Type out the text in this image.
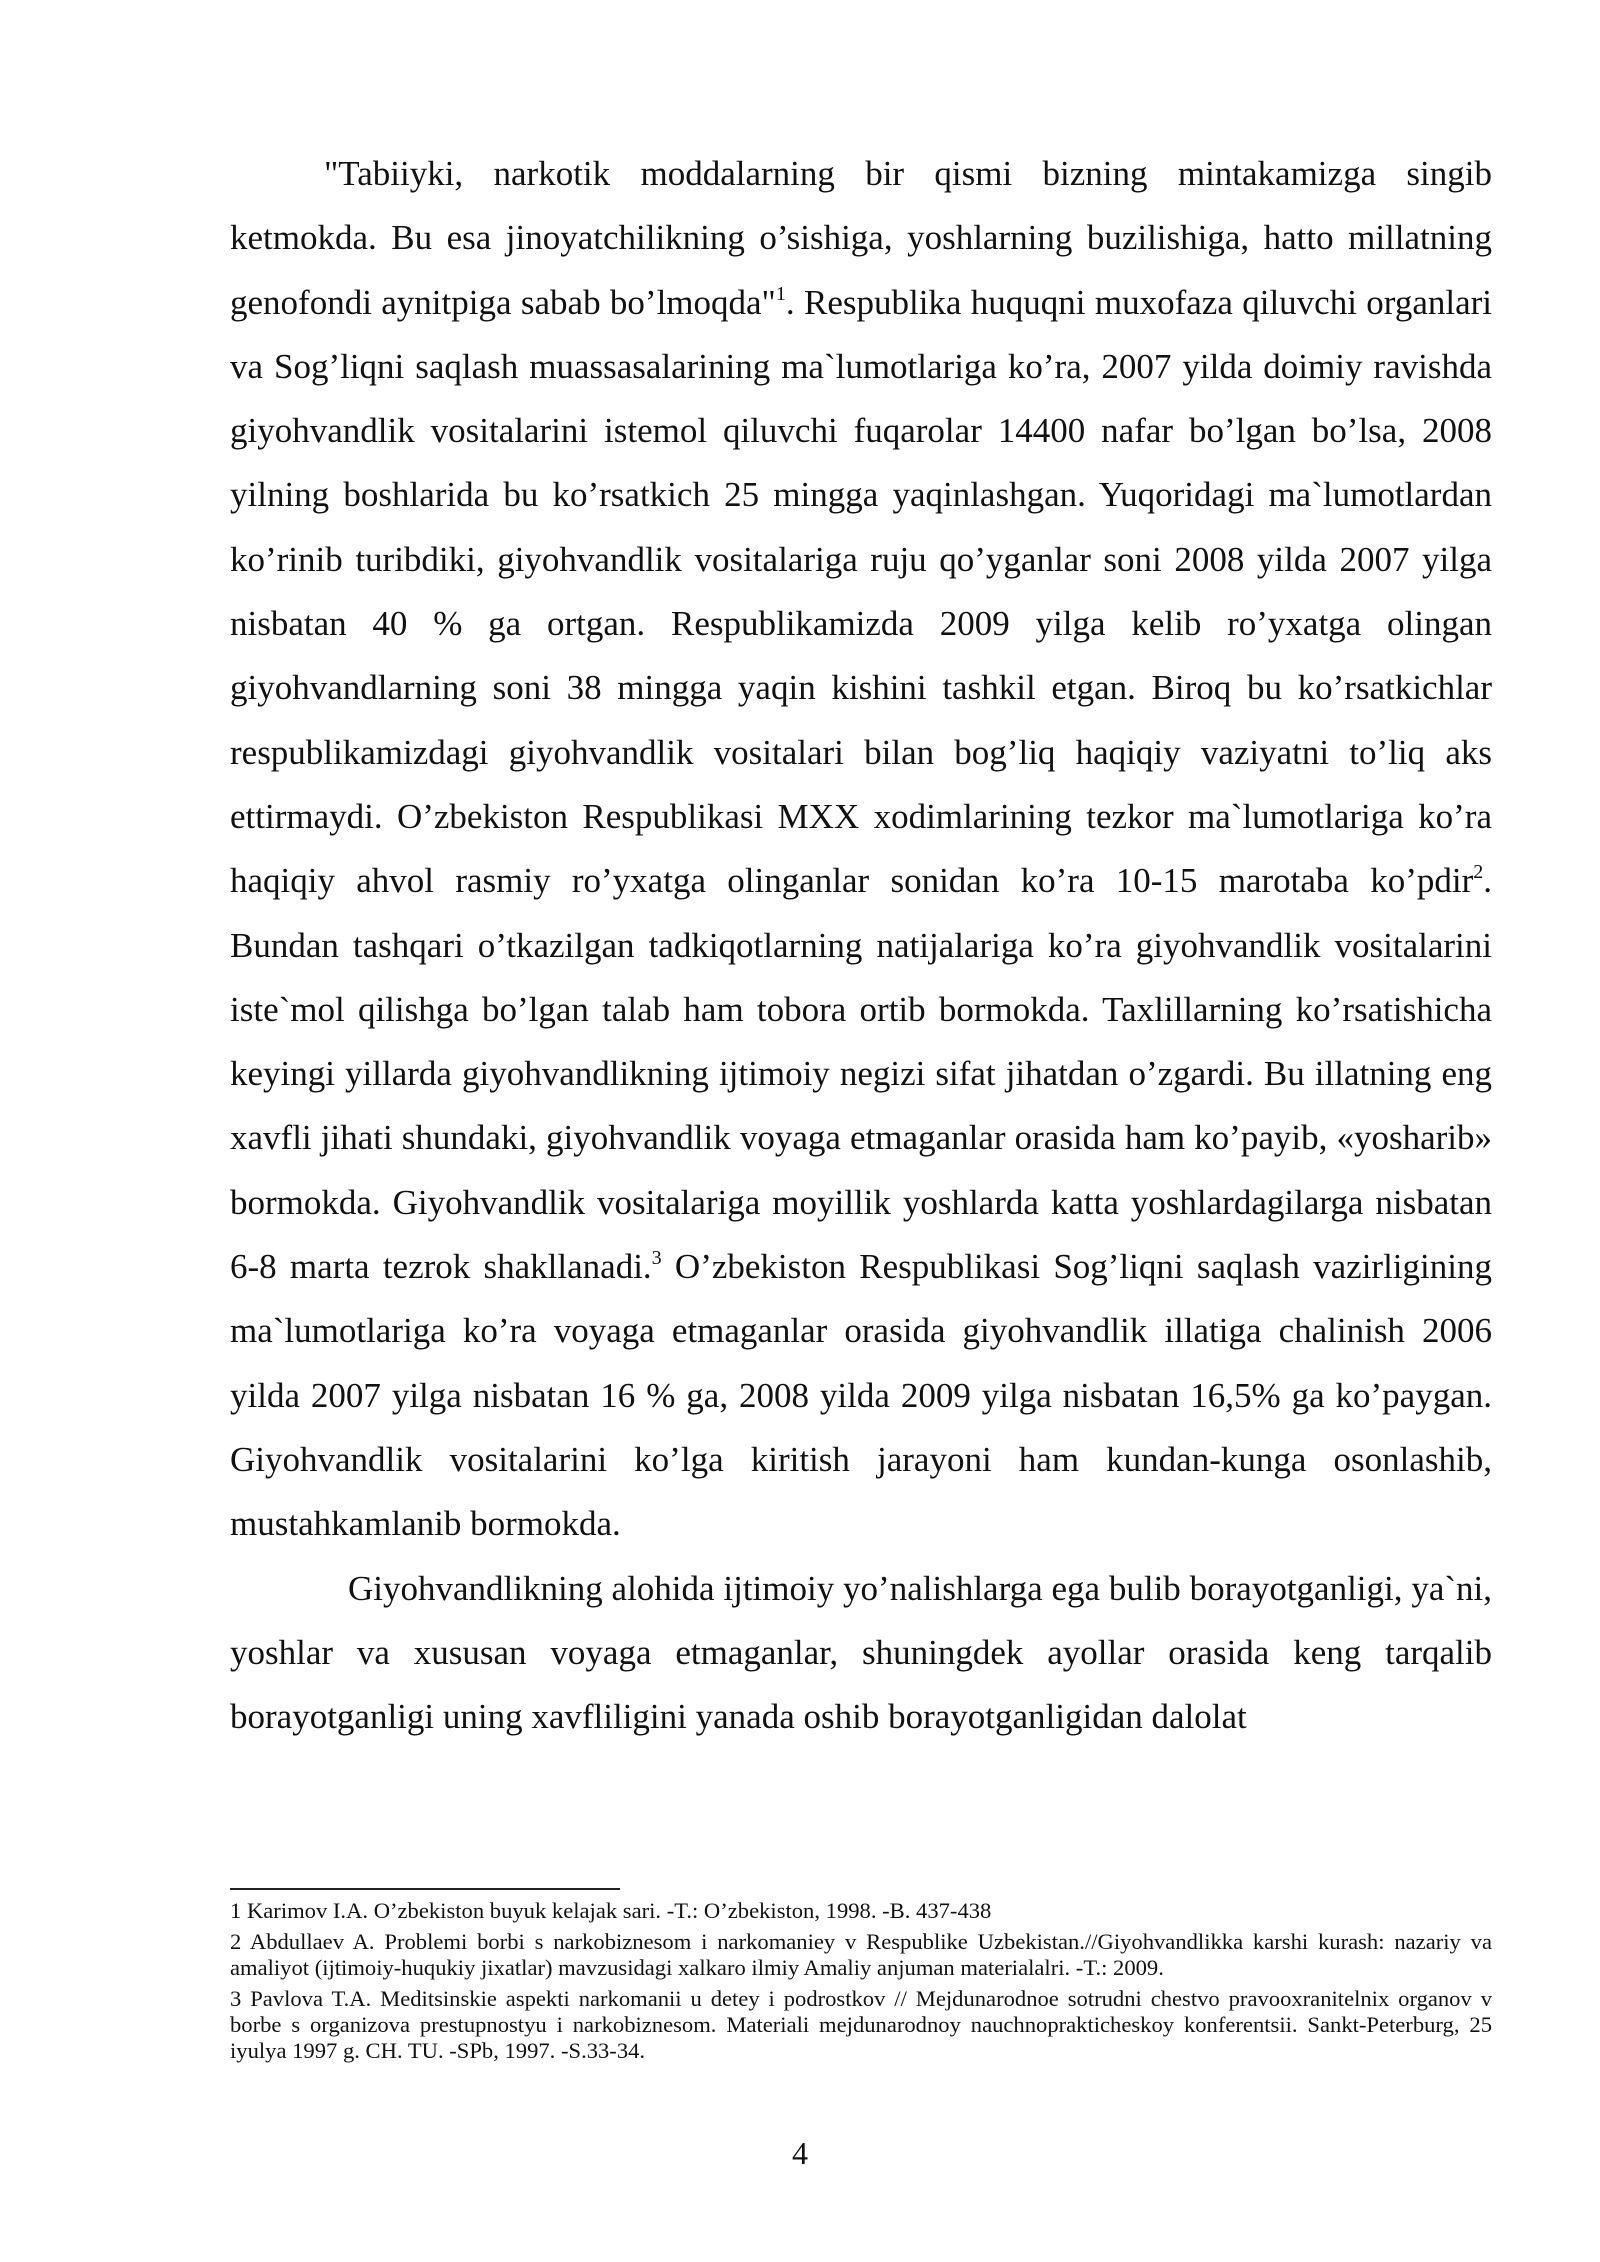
"Tabiiyki, narkotik moddalarning bir qismi bizning mintakamizga singib ketmokda. Bu esa jinoyatchilikning o’sishiga, yoshlarning buzilishiga, hatto millatning genofondi aynitpiga sabab bo’lmoqda"$^1$. Respublika huquqni muxofaza qiluvchi organlari va Sog’liqni saqlash muassasalarining ma`lumotlariga ko’ra, 2007 yilda doimiy ravishda giyohvandlik vositalarini istemol qiluvchi fuqarolar 14400 nafar bo’lgan bo’lsa, 2008 yilning boshlarida bu ko’rsatkich 25 mingga yaqinlashgan. Yuqoridagi ma`lumotlardan ko’rinib turibdiki, giyohvandlik vositalariga ruju qo’yganlar soni 2008 yilda 2007 yilga nisbatan 40 % ga ortgan. Respublikamizda 2009 yilga kelib ro’yxatga olingan giyohvandlarning soni 38 mingga yaqin kishini tashkil etgan. Biroq bu ko’rsatkichlar respublikamizdagi giyohvandlik vositalari bilan bog’liq haqiqiy vaziyatni to’liq aks ettirmaydi. O’zbekiston Respublikasi MXX xodimlarining tezkor ma`lumotlariga ko’ra haqiqiy ahvol rasmiy ro’yxatga olinganlar sonidan ko’ra 10-15 marotaba ko’pdir$^2$. Bundan tashqari o’tkazilgan tadkiqotlarning natijalariga ko’ra giyohvandlik vositalarini iste`mol qilishga bo’lgan talab ham tobora ortib bormokda. Taxlillarning ko’rsatishicha keyingi yillarda giyohvandlikning ijtimoiy negizi sifat jihatdan o’zgardi. Bu illatning eng xavfli jihati shundaki, giyohvandlik voyaga etmaganlar orasida ham ko’payib, «yosharib» bormokda. Giyohvandlik vositalariga moyillik yoshlarda katta yoshlardagilarga nisbatan 6-8 marta tezrok shakllanadi.$^3$ O’zbekiston Respublikasi Sog’liqni saqlash vazirligining ma`lumotlariga ko’ra voyaga etmaganlar orasida giyohvandlik illatiga chalinish 2006 yilda 2007 yilga nisbatan 16 % ga, 2008 yilda 2009 yilga nisbatan 16,5% ga ko’paygan. Giyohvandlik vositalarini ko’lga kiritish jarayoni ham kundan-kunga osonlashib, mustahkamlanib bormokda.

Giyohvandlikning alohida ijtimoiy yo’nalishlarga ega bulib borayotganligi, ya`ni, yoshlar va xususan voyaga etmaganlar, shuningdek ayollar orasida keng tarqalib borayotganligi uning xavfliligini yanada oshib borayotganligidan dalolat

1 Karimov I.A. O’zbekiston buyuk kelajak sari. -T.: O’zbekiston, 1998. -B. 437-438

2 Abdullaev A. Problemi borbi s narkobiznesom i narkomaniey v Respublike Uzbekistan.//Giyohvandlikka karshi kurash: nazariy va amaliyot (ijtimoiy-huqukiy jixatlar) mavzusidagi xalkaro ilmiy Amaliy anjuman materialalri. -T.: 2009.

3 Pavlova T.A. Meditsinskie aspekti narkomanii u detey i podrostkov // Mejdunarodnoe sotrudni chestvo pravooxranitelnix organov v borbe s organizova prestupnostyu i narkobiznesom. Materiali mejdunarodnoy nauchnoprakticheskoy konferentsii. Sankt-Peterburg, 25 iyulya 1997 g. CH. TU. -SPb, 1997. -S.33-34.

4
